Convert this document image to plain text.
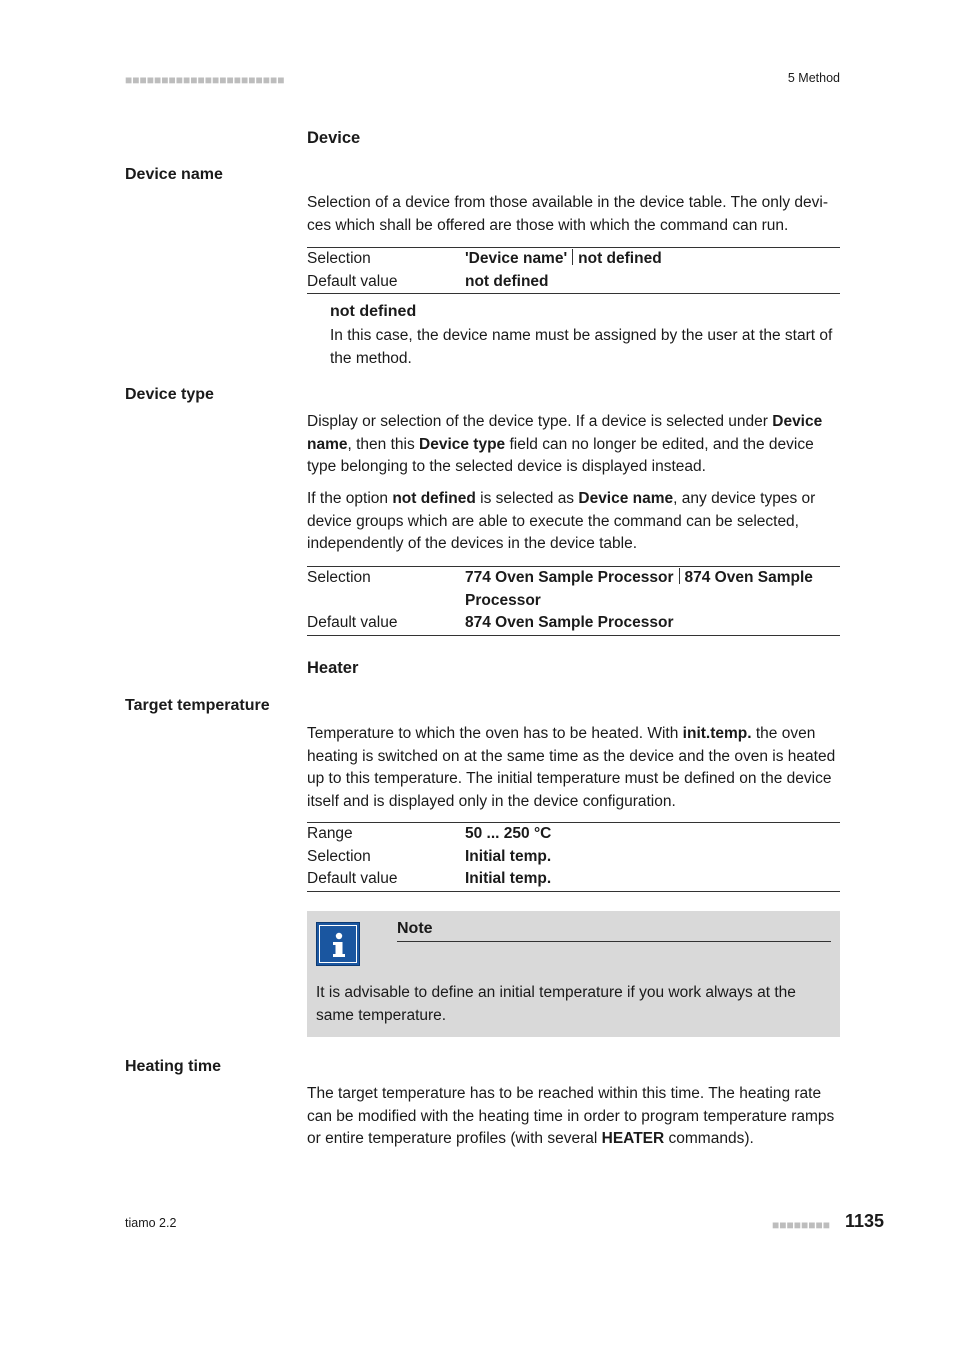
■■■■■■■■■■■■■■■■■■■■■■	5 Method
Device
Device name
Selection of a device from those available in the device table. The only devi-
ces which shall be offered are those with which the command can run.
Selection	'Device name' not defined
Default value	not defined
not defined
In this case, the device name must be assigned by the user at the start of the method.
Device type
Display or selection of the device type. If a device is selected under Device name, then this Device type field can no longer be edited, and the device type belonging to the selected device is displayed instead.
If the option not defined is selected as Device name, any device types or device groups which are able to execute the command can be selected, independently of the devices in the device table.
Selection	774 Oven Sample Processor 874 Oven Sample Processor
Default value	874 Oven Sample Processor
Heater
Target temperature
Temperature to which the oven has to be heated. With init.temp. the oven heating is switched on at the same time as the device and the oven is heated up to this temperature. The initial temperature must be defined on the device itself and is displayed only in the device configuration.
Range	50 ... 250 °C
Selection	Initial temp.
Default value	Initial temp.
Note
It is advisable to define an initial temperature if you work always at the same temperature.
Heating time
The target temperature has to be reached within this time. The heating rate can be modified with the heating time in order to program temperature ramps or entire temperature profiles (with several HEATER commands).
tiamo 2.2	■■■■■■■■ 1135
